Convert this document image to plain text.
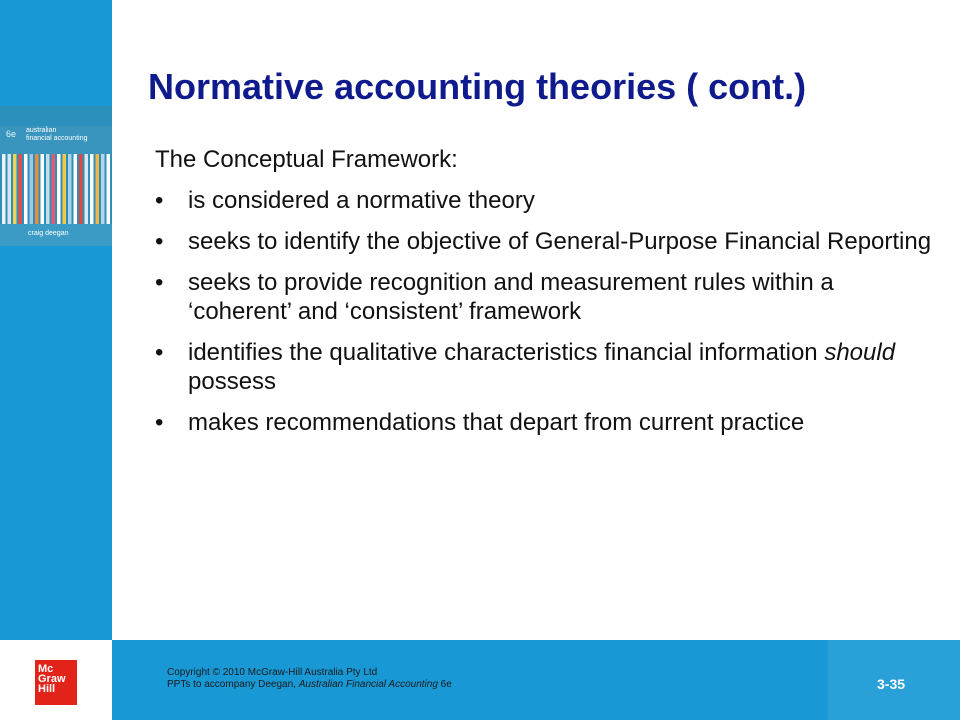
6e australian
financial accounting
craig deegan
Normative accounting theories ( cont.)
The Conceptual Framework:
• is considered a normative theory
• seeks to identify the objective of General-Purpose Financial Reporting
• seeks to provide recognition and measurement rules within a ‘coherent’ and ‘consistent’ framework
• identifies the qualitative characteristics financial information should possess
• makes recommendations that depart from current practice
Mc
Graw
Hill
Copyright © 2010 McGraw-Hill Australia Pty Ltd
PPTs to accompany Deegan, Australian Financial Accounting 6e	3-35
